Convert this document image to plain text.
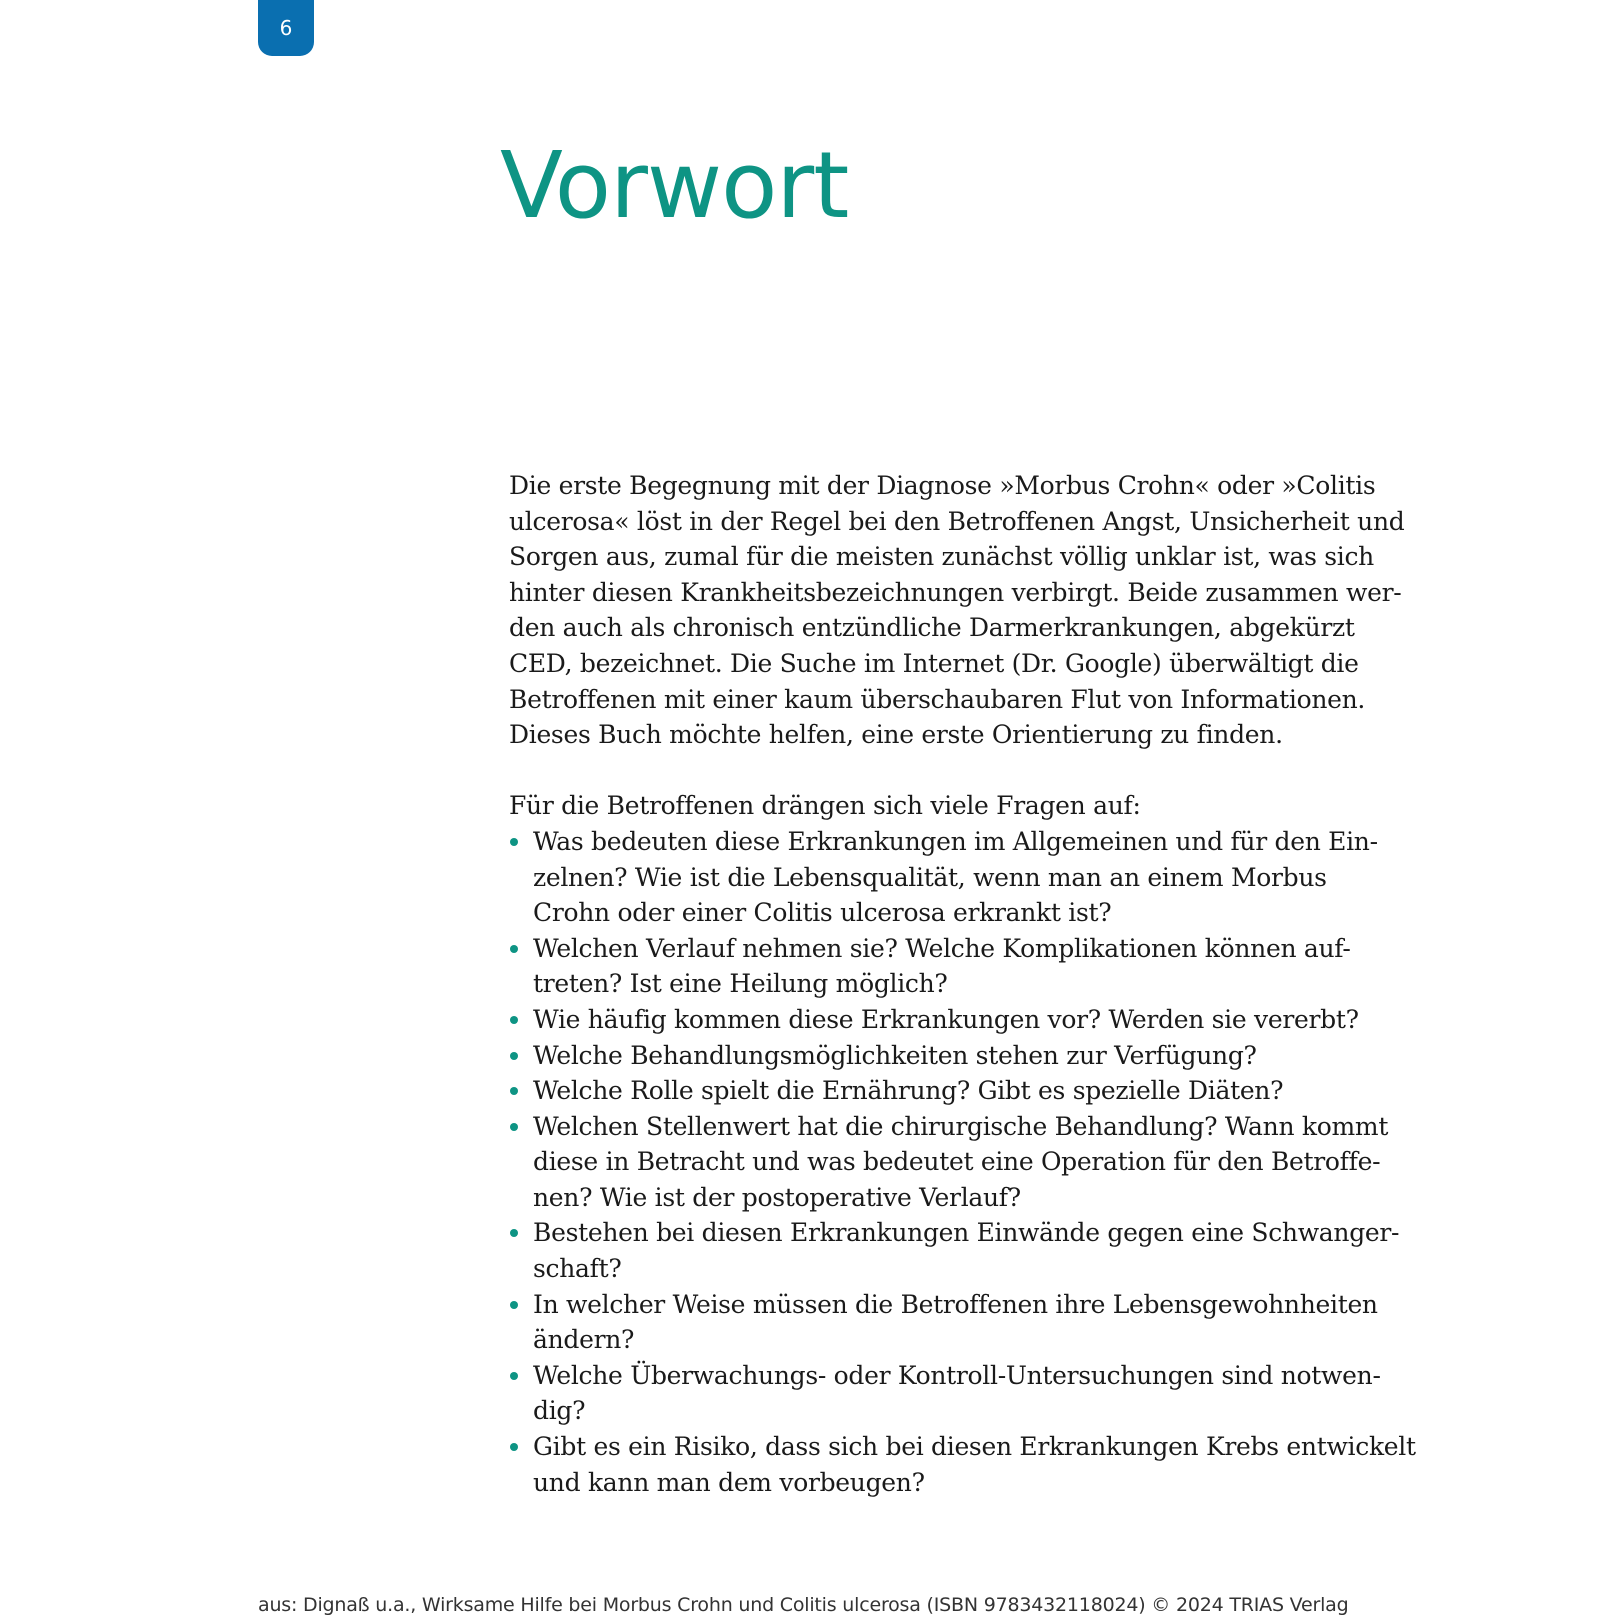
6
Vorwort

Die erste Begegnung mit der Diagnose »Morbus Crohn« oder »Colitis
ulcerosa« löst in der Regel bei den Betroffenen Angst, Unsicherheit und
Sorgen aus, zumal für die meisten zunächst völlig unklar ist, was sich
hinter diesen Krankheitsbezeichnungen verbirgt. Beide zusammen wer-
den auch als chronisch entzündliche Darmerkrankungen, abgekürzt
CED, bezeichnet. Die Suche im Internet (Dr. Google) überwältigt die
Betroffenen mit einer kaum überschaubaren Flut von Informationen.
Dieses Buch möchte helfen, eine erste Orientierung zu finden.

Für die Betroffenen drängen sich viele Fragen auf:

Was bedeuten diese Erkrankungen im Allgemeinen und für den Ein-
zelnen? Wie ist die Lebensqualität, wenn man an einem Morbus
Crohn oder einer Colitis ulcerosa erkrankt ist?
Welchen Verlauf nehmen sie? Welche Komplikationen können auf-
treten? Ist eine Heilung möglich?
Wie häufig kommen diese Erkrankungen vor? Werden sie vererbt?
Welche Behandlungsmöglichkeiten stehen zur Verfügung?
Welche Rolle spielt die Ernährung? Gibt es spezielle Diäten?
Welchen Stellenwert hat die chirurgische Behandlung? Wann kommt
diese in Betracht und was bedeutet eine Operation für den Betroffe-
nen? Wie ist der postoperative Verlauf?
Bestehen bei diesen Erkrankungen Einwände gegen eine Schwanger-
schaft?
In welcher Weise müssen die Betroffenen ihre Lebensgewohnheiten
ändern?
Welche Überwachungs- oder Kontroll-Untersuchungen sind notwen-
dig?
Gibt es ein Risiko, dass sich bei diesen Erkrankungen Krebs entwickelt
und kann man dem vorbeugen?
aus: Dignaß u.a., Wirksame Hilfe bei Morbus Crohn und Colitis ulcerosa (ISBN 9783432118024) © 2024 TRIAS Verlag
